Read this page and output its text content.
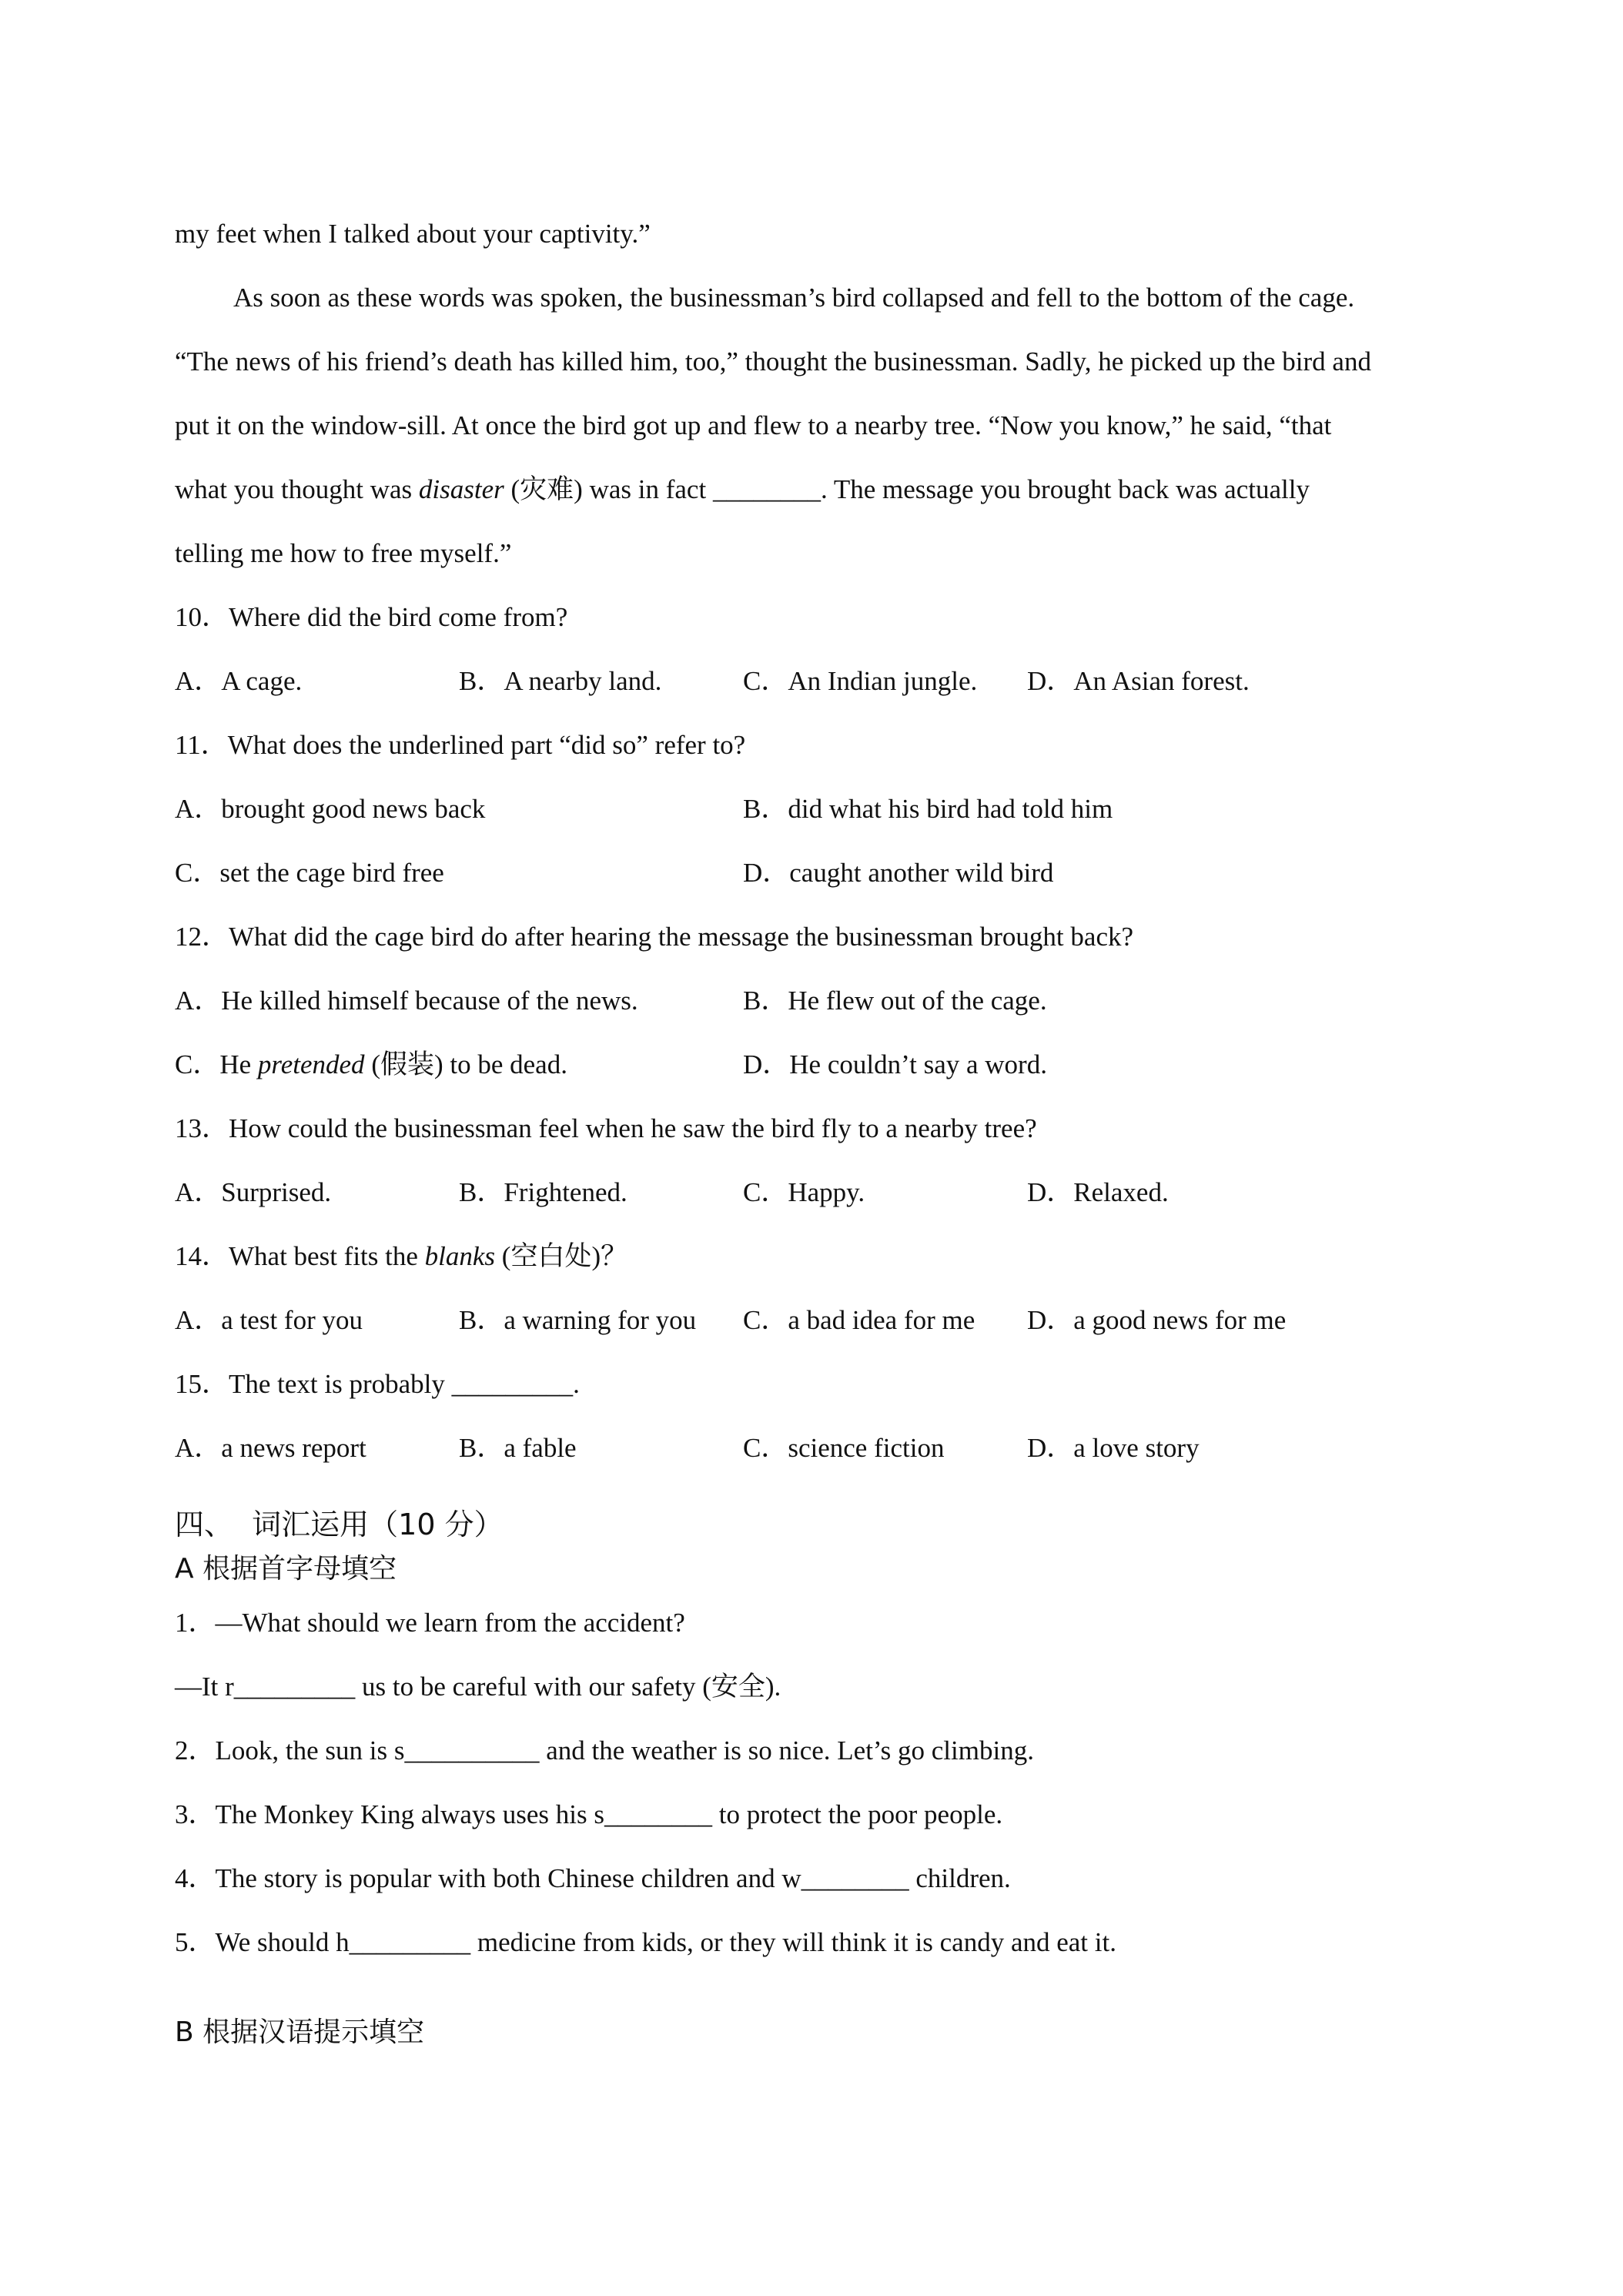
my feet when I talked about your captivity.”
As soon as these words was spoken, the businessman’s bird collapsed and fell to the bottom of the cage.
“The news of his friend’s death has killed him, too,” thought the businessman. Sadly, he picked up the bird and
put it on the window-sill. At once the bird got up and flew to a nearby tree. “Now you know,” he said, “that
what you thought was disaster (灾难) was in fact ________. The message you brought back was actually
telling me how to free myself.”
10．Where did the bird come from?
A．A cage.	B．A nearby land.	C．An Indian jungle.	D．An Asian forest.
11．What does the underlined part “did so” refer to?
A．brought good news back	B．did what his bird had told him
C．set the cage bird free	D．caught another wild bird
12．What did the cage bird do after hearing the message the businessman brought back?
A．He killed himself because of the news.	B．He flew out of the cage.
C．He pretended (假装) to be dead.	D．He couldn’t say a word.
13．How could the businessman feel when he saw the bird fly to a nearby tree?
A．Surprised.	B．Frightened.	C．Happy.	D．Relaxed.
14．What best fits the blanks (空白处)？
A．a test for you	B．a warning for you	C．a bad idea for me	D．a good news for me
15．The text is probably _________.
A．a news report	B．a fable	C．science fiction	D．a love story
四、  词汇运用（10 分）
A 根据首字母填空
1．—What should we learn from the accident?
—It r_________ us to be careful with our safety (安全).
2．Look, the sun is s__________ and the weather is so nice. Let’s go climbing.
3．The Monkey King always uses his s________ to protect the poor people.
4．The story is popular with both Chinese children and w________ children.
5．We should h_________ medicine from kids, or they will think it is candy and eat it.
B 根据汉语提示填空
